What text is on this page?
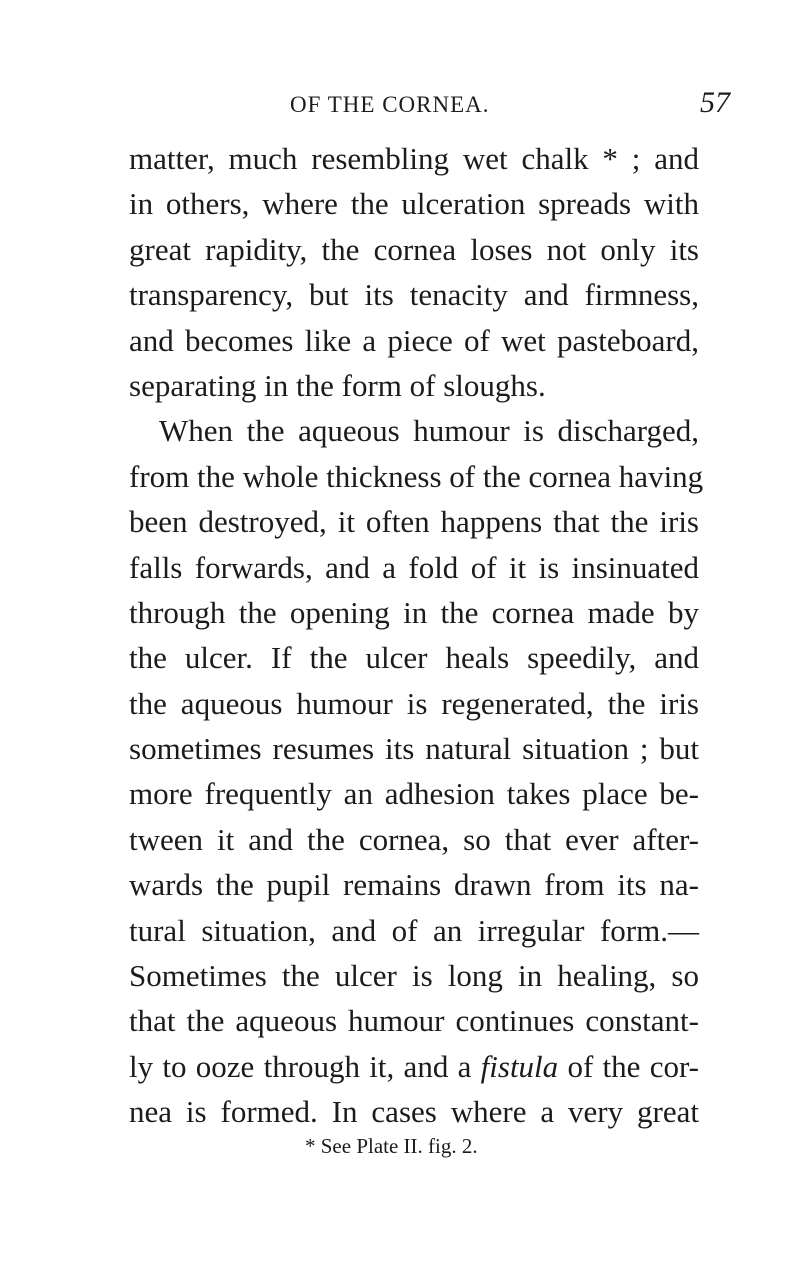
OF THE CORNEA.	57
matter, much resembling wet chalk * ; and
in others, where the ulceration spreads with
great rapidity, the cornea loses not only its
transparency, but its tenacity and firmness,
and becomes like a piece of wet pasteboard,
separating in the form of sloughs.
When the aqueous humour is discharged,
from the whole thickness of the cornea having
been destroyed, it often happens that the iris
falls forwards, and a fold of it is insinuated
through the opening in the cornea made by
the ulcer. If the ulcer heals speedily, and
the aqueous humour is regenerated, the iris
sometimes resumes its natural situation ; but
more frequently an adhesion takes place be-
tween it and the cornea, so that ever after-
wards the pupil remains drawn from its na-
tural situation, and of an irregular form.—
Sometimes the ulcer is long in healing, so
that the aqueous humour continues constant-
ly to ooze through it, and a fistula of the cor-
nea is formed. In cases where a very great
* See Plate II. fig. 2.
